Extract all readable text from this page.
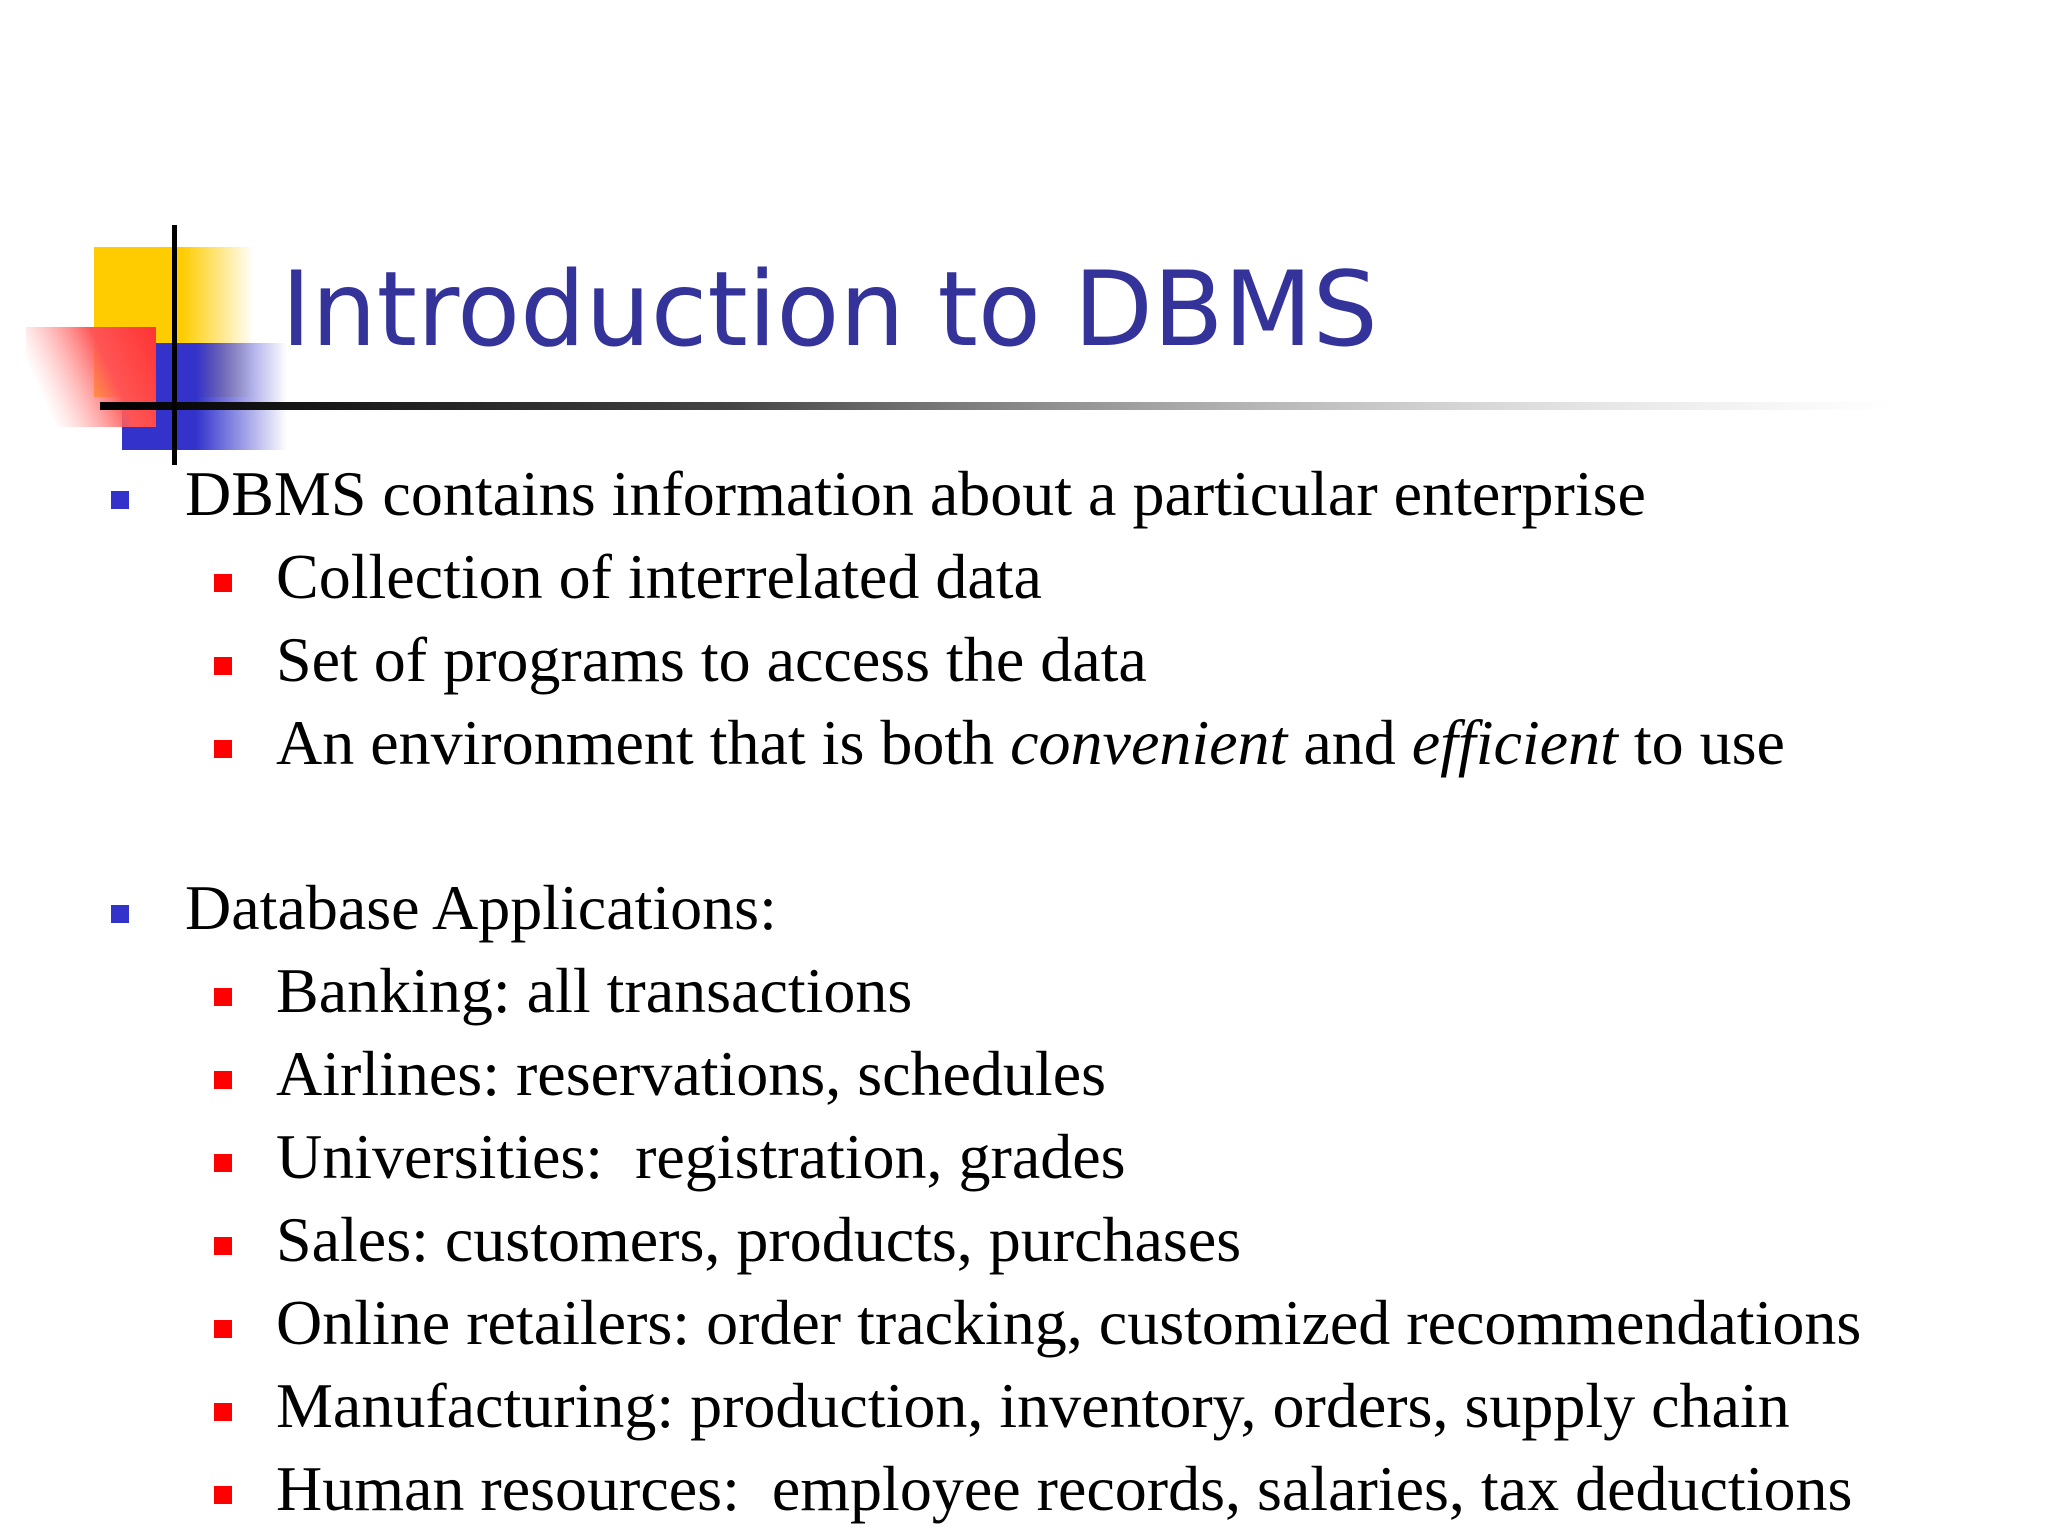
Introduction to DBMS
DBMS contains information about a particular enterprise
Collection of interrelated data
Set of programs to access the data
An environment that is both convenient and efficient to use
Database Applications:
Banking: all transactions
Airlines: reservations, schedules
Universities:  registration, grades
Sales: customers, products, purchases
Online retailers: order tracking, customized recommendations
Manufacturing: production, inventory, orders, supply chain
Human resources:  employee records, salaries, tax deductions
